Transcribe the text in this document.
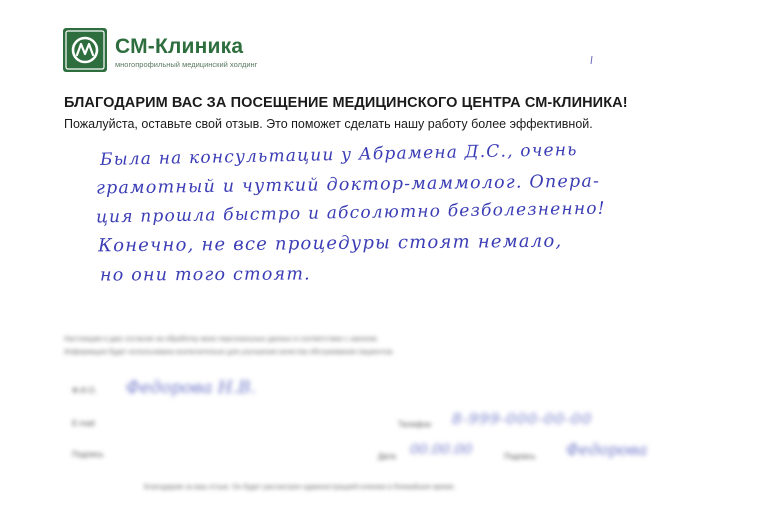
СМ-Клиника
многопрофильный медицинский холдинг
БЛАГОДАРИМ ВАС ЗА ПОСЕЩЕНИЕ МЕДИЦИНСКОГО ЦЕНТРА СМ-КЛИНИКА!
Пожалуйста, оставьте свой отзыв. Это поможет сделать нашу работу более эффективной.
Была на консультации у Абрамена Д.С., очень
грамотный и чуткий доктор-маммолог. Опера-
ция прошла быстро и абсолютно безболезненно!
Конечно, не все процедуры стоят немало,
но они того стоят.
Настоящим я даю согласие на обработку моих персональных данных в соответствии с законом.
Информация будет использована исключительно для улучшения качества обслуживания пациентов.
Ф.И.О. Федорова Н.В.
E-mail	Телефон 8-999-000-00-00
Подпись	Дата 00.00.00	Подпись Федорова
Благодарим за ваш отзыв. Он будет рассмотрен администрацией клиники в ближайшее время.
